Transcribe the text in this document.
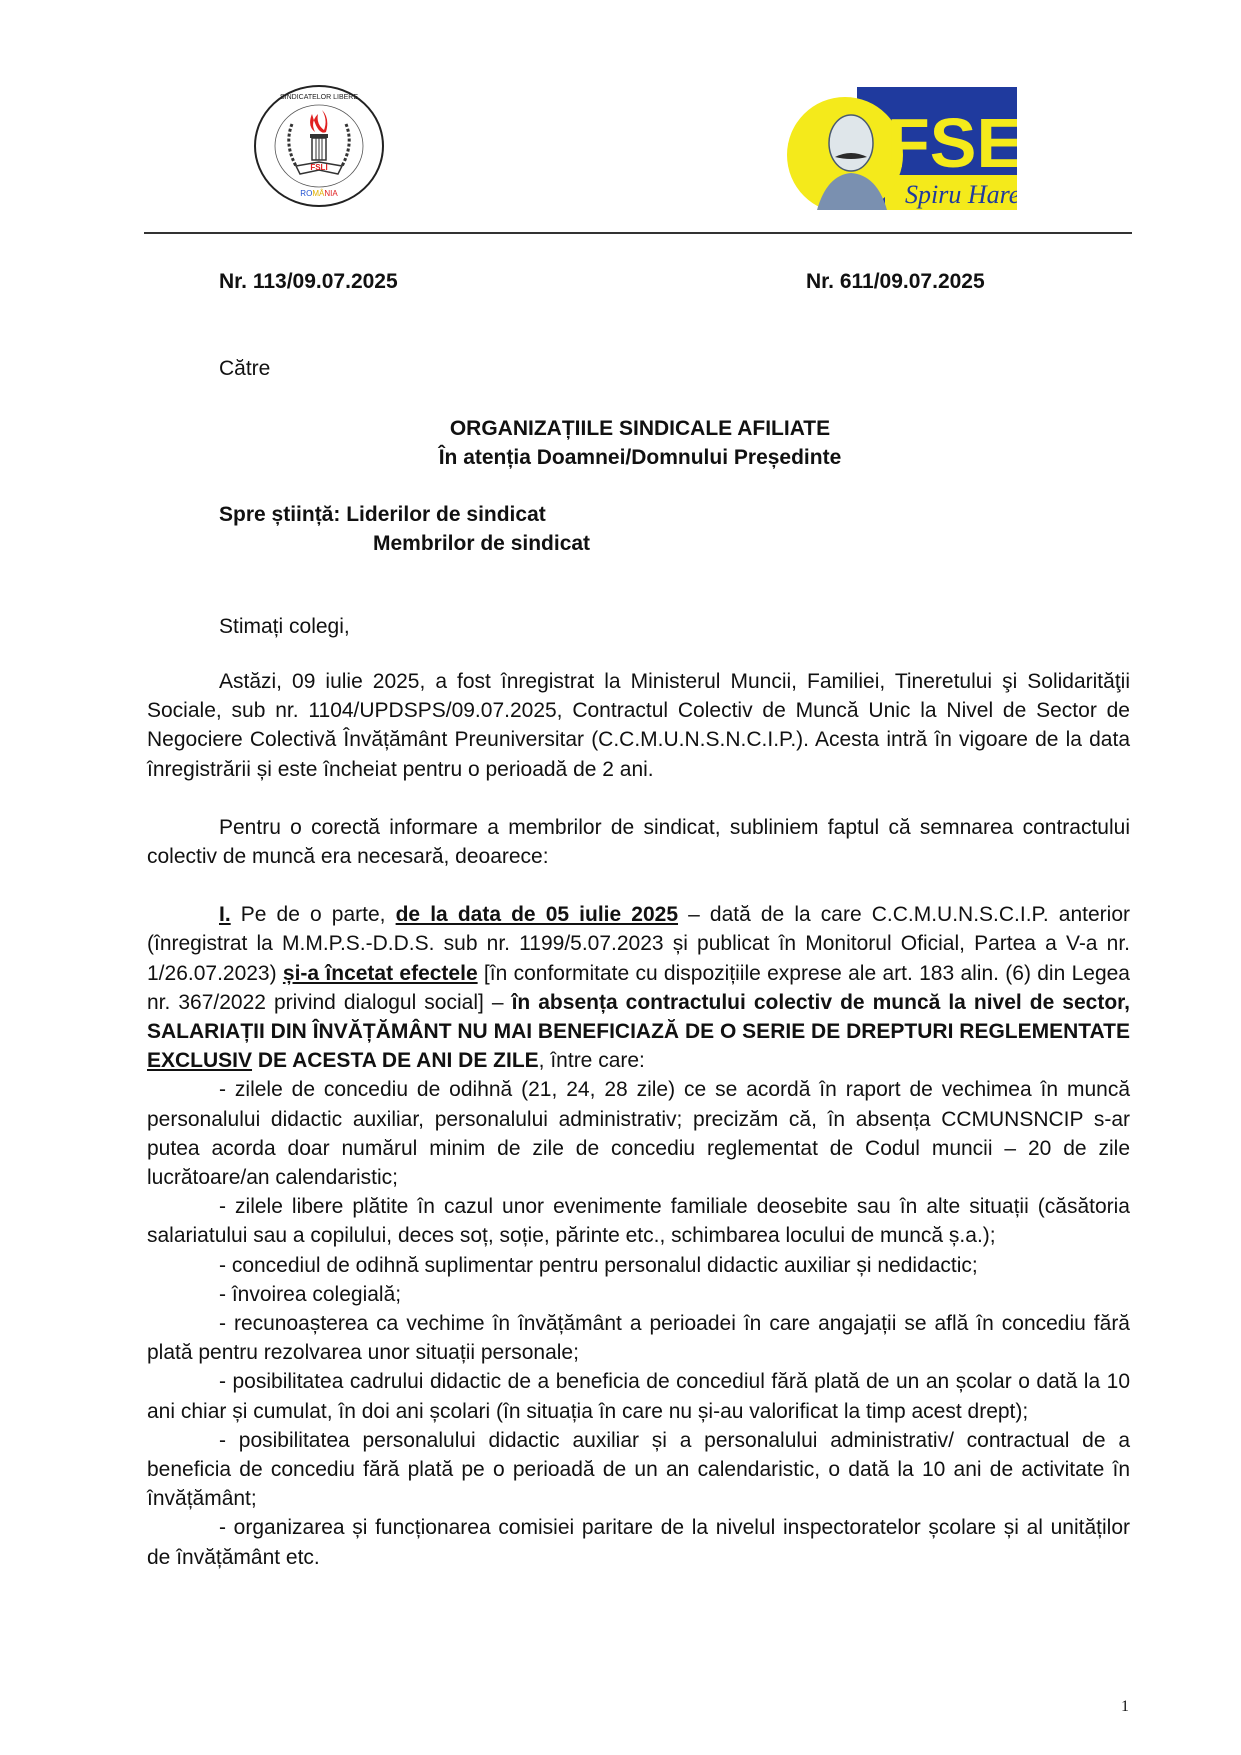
FSLI
ROMÂNIA
SINDICATELOR LIBERE
FSE
Spiru Haret
Nr. 113/09.07.2025	Nr. 611/09.07.2025
Către
ORGANIZAȚIILE SINDICALE AFILIATE
În atenția Doamnei/Domnului Președinte
Spre știință: Liderilor de sindicat
Membrilor de sindicat
Stimați colegi,

Astăzi, 09 iulie 2025, a fost înregistrat la Ministerul Muncii, Familiei, Tineretului şi Solidarităţii Sociale, sub nr. 1104/UPDSPS/09.07.2025, Contractul Colectiv de Muncă Unic la Nivel de Sector de Negociere Colectivă Învățământ Preuniversitar (C.C.M.U.N.S.N.C.I.P.). Acesta intră în vigoare de la data înregistrării și este încheiat pentru o perioadă de 2 ani.

Pentru o corectă informare a membrilor de sindicat, subliniem faptul că semnarea contractului colectiv de muncă era necesară, deoarece:

I. Pe de o parte, de la data de 05 iulie 2025 – dată de la care C.C.M.U.N.S.C.I.P. anterior (înregistrat la M.M.P.S.-D.D.S. sub nr. 1199/5.07.2023 și publicat în Monitorul Oficial, Partea a V-a nr. 1/26.07.2023) și-a încetat efectele [în conformitate cu dispozițiile exprese ale art. 183 alin. (6) din Legea nr. 367/2022 privind dialogul social] – în absența contractului colectiv de muncă la nivel de sector, SALARIAȚII DIN ÎNVĂȚĂMÂNT NU MAI BENEFICIAZĂ DE O SERIE DE DREPTURI REGLEMENTATE EXCLUSIV DE ACESTA DE ANI DE ZILE, între care:

- zilele de concediu de odihnă (21, 24, 28 zile) ce se acordă în raport de vechimea în muncă personalului didactic auxiliar, personalului administrativ; precizăm că, în absența CCMUNSNCIP s-ar putea acorda doar numărul minim de zile de concediu reglementat de Codul muncii – 20 de zile lucrătoare/an calendaristic;

- zilele libere plătite în cazul unor evenimente familiale deosebite sau în alte situații (căsătoria salariatului sau a copilului, deces soț, soție, părinte etc., schimbarea locului de muncă ș.a.);

- concediul de odihnă suplimentar pentru personalul didactic auxiliar și nedidactic;

- învoirea colegială;

- recunoașterea ca vechime în învățământ a perioadei în care angajații se află în concediu fără plată pentru rezolvarea unor situații personale;

- posibilitatea cadrului didactic de a beneficia de concediul fără plată de un an școlar o dată la 10 ani chiar și cumulat, în doi ani școlari (în situația în care nu și-au valorificat la timp acest drept);

- posibilitatea personalului didactic auxiliar și a personalului administrativ/ contractual de a beneficia de concediu fără plată pe o perioadă de un an calendaristic, o dată la 10 ani de activitate în învățământ;

- organizarea și funcționarea comisiei paritare de la nivelul inspectoratelor școlare și al unităților de învățământ etc.

1
